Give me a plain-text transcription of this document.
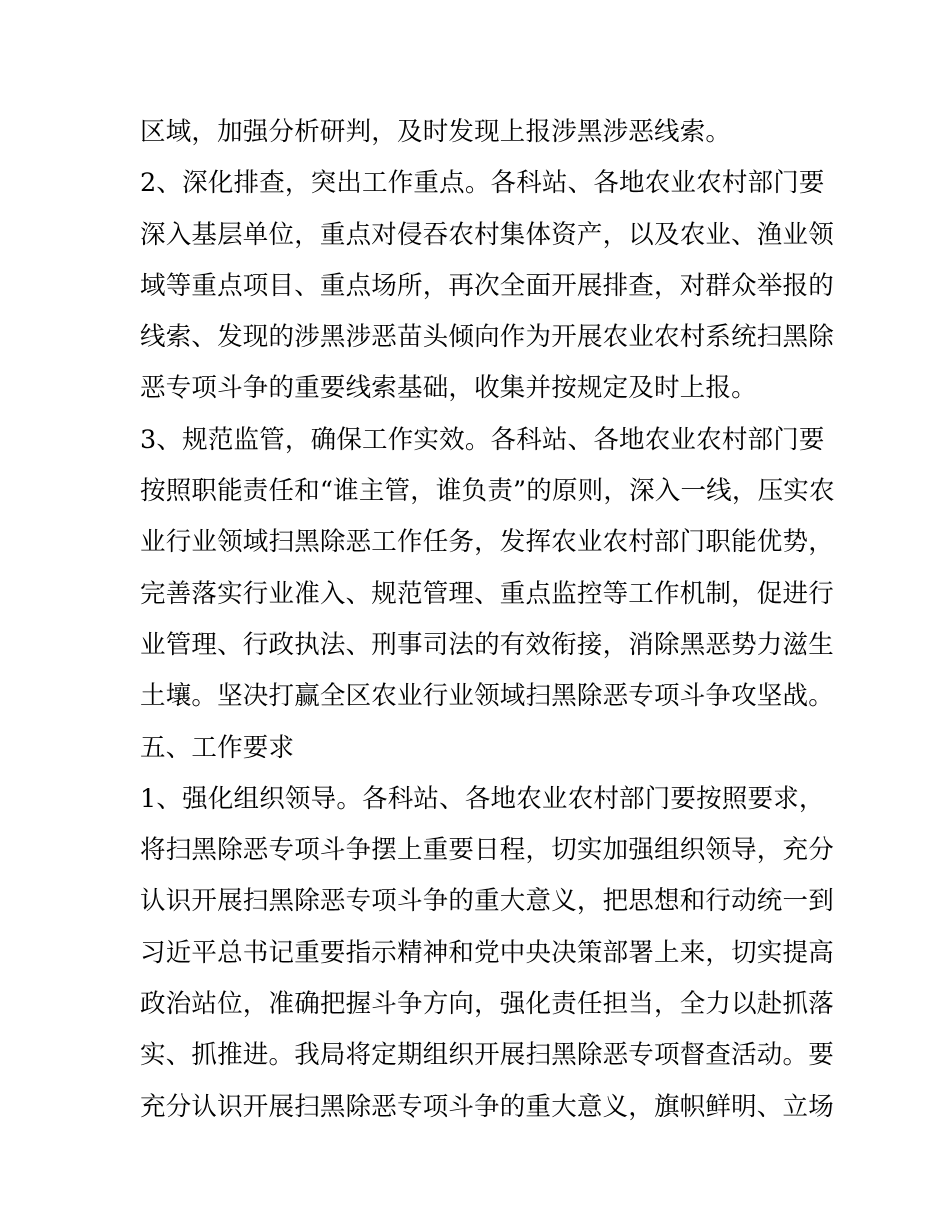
区域，加强分析研判，及时发现上报涉黑涉恶线索。
2、深化排查，突出工作重点。各科站、各地农业农村部门要
深入基层单位，重点对侵吞农村集体资产，以及农业、渔业领
域等重点项目、重点场所，再次全面开展排查，对群众举报的
线索、发现的涉黑涉恶苗头倾向作为开展农业农村系统扫黑除
恶专项斗争的重要线索基础，收集并按规定及时上报。
3、规范监管，确保工作实效。各科站、各地农业农村部门要
按照职能责任和“谁主管，谁负责”的原则，深入一线，压实农
业行业领域扫黑除恶工作任务，发挥农业农村部门职能优势，
完善落实行业准入、规范管理、重点监控等工作机制，促进行
业管理、行政执法、刑事司法的有效衔接，消除黑恶势力滋生
土壤。坚决打赢全区农业行业领域扫黑除恶专项斗争攻坚战。
五、工作要求
1、强化组织领导。各科站、各地农业农村部门要按照要求，
将扫黑除恶专项斗争摆上重要日程，切实加强组织领导，充分
认识开展扫黑除恶专项斗争的重大意义，把思想和行动统一到
习近平总书记重要指示精神和党中央决策部署上来，切实提高
政治站位，准确把握斗争方向，强化责任担当，全力以赴抓落
实、抓推进。我局将定期组织开展扫黑除恶专项督查活动。要
充分认识开展扫黑除恶专项斗争的重大意义，旗帜鲜明、立场
